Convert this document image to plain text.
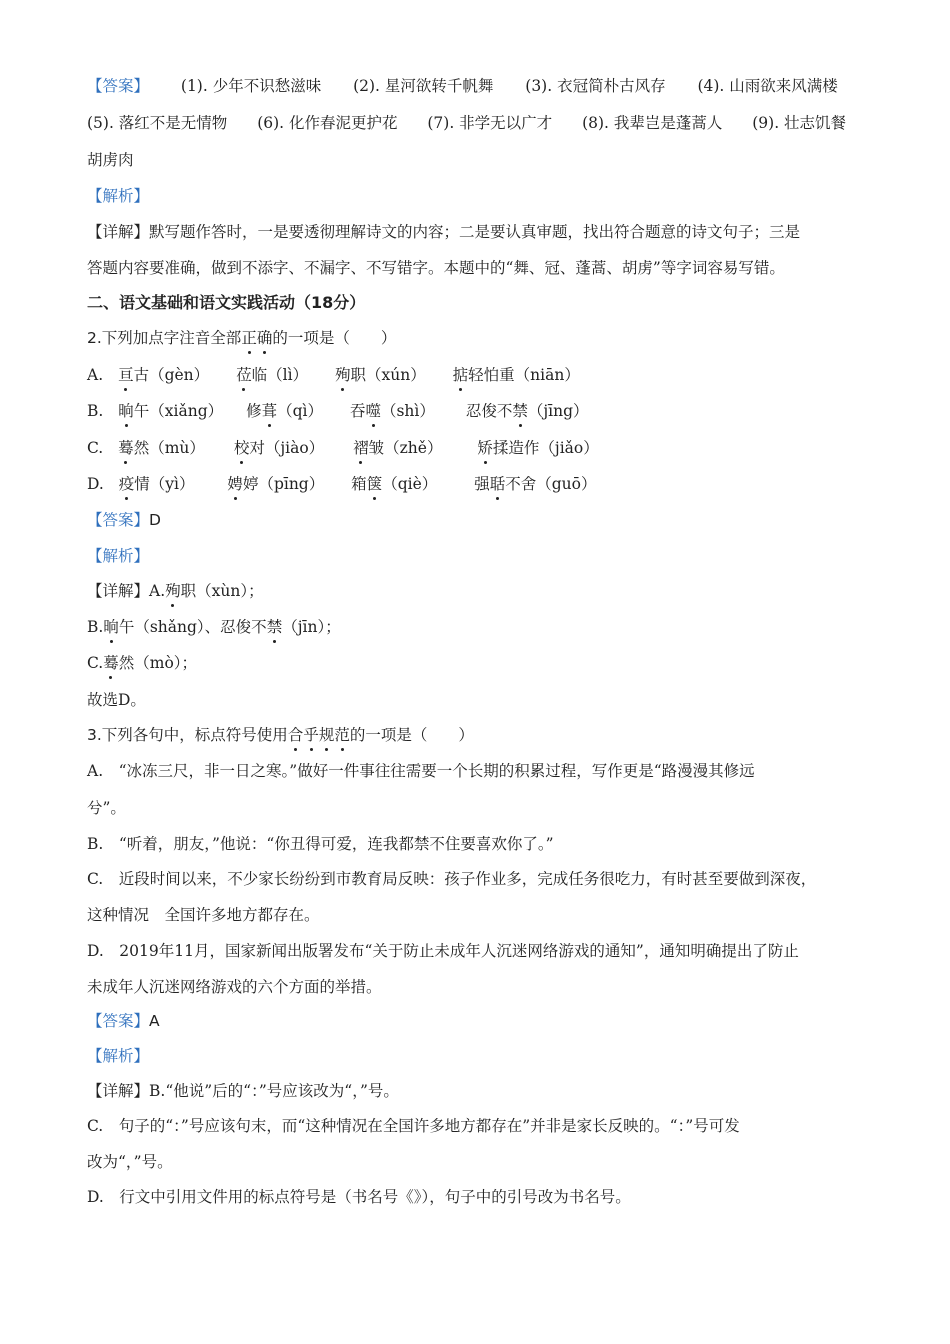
【答案】 (1). 少年不识愁滋味 (2). 星河欲转千帆舞 (3). 衣冠简朴古风存 (4). 山雨欲来风满楼
(5). 落红不是无情物 (6). 化作春泥更护花 (7). 非学无以广才 (8). 我辈岂是蓬蒿人 (9). 壮志饥餐
胡虏肉
【解析】
【详解】默写题作答时，一是要透彻理解诗文的内容；二是要认真审题，找出符合题意的诗文句子；三是
答题内容要准确，做到不添字、不漏字、不写错字。本题中的“舞、冠、蓬蒿、胡虏”等字词容易写错。
二、语文基础和语文实践活动（18分）
2.下列加点字注音全部正确的一项是（　　）
A. 亘古（gèn） 莅临（lì） 殉职（xún） 掂轻怕重（niān）
B. 晌午（xiǎng） 修葺（qì） 吞噬（shì） 忍俊不禁（jīng）
C. 蓦然（mù） 校对（jiào） 褶皱（zhě） 矫揉造作（jiǎo）
D. 疫情（yì） 娉婷（pīng） 箱箧（qiè） 强聒不舍（guō）
【答案】D
【解析】
【详解】A.殉职（xùn）；
B.晌午（shǎng）、忍俊不禁（jīn）；
C.蓦然（mò）；
故选D。
3.下列各句中，标点符号使用合乎规范的一项是（　　）
A.　“冰冻三尺，非一日之寒。”做好一件事往往需要一个长期的积累过程，写作更是“路漫漫其修远
兮”。
B.　“听着，朋友，”他说：“你丑得可爱，连我都禁不住要喜欢你了。”
C.　近段时间以来，不少家长纷纷到市教育局反映：孩子作业多，完成任务很吃力，有时甚至要做到深夜，
这种情况　全国许多地方都存在。
D.　2019年11月，国家新闻出版署发布“关于防止未成年人沉迷网络游戏的通知”，通知明确提出了防止
未成年人沉迷网络游戏的六个方面的举措。
【答案】A
【解析】
【详解】B.“他说”后的“：”号应该改为“，”号。
C.　句子的“：”号应该句末，而“这种情况在全国许多地方都存在”并非是家长反映的。“：”号可发
改为“，”号。
D.　行文中引用文件用的标点符号是（书名号《》），句子中的引号改为书名号。
